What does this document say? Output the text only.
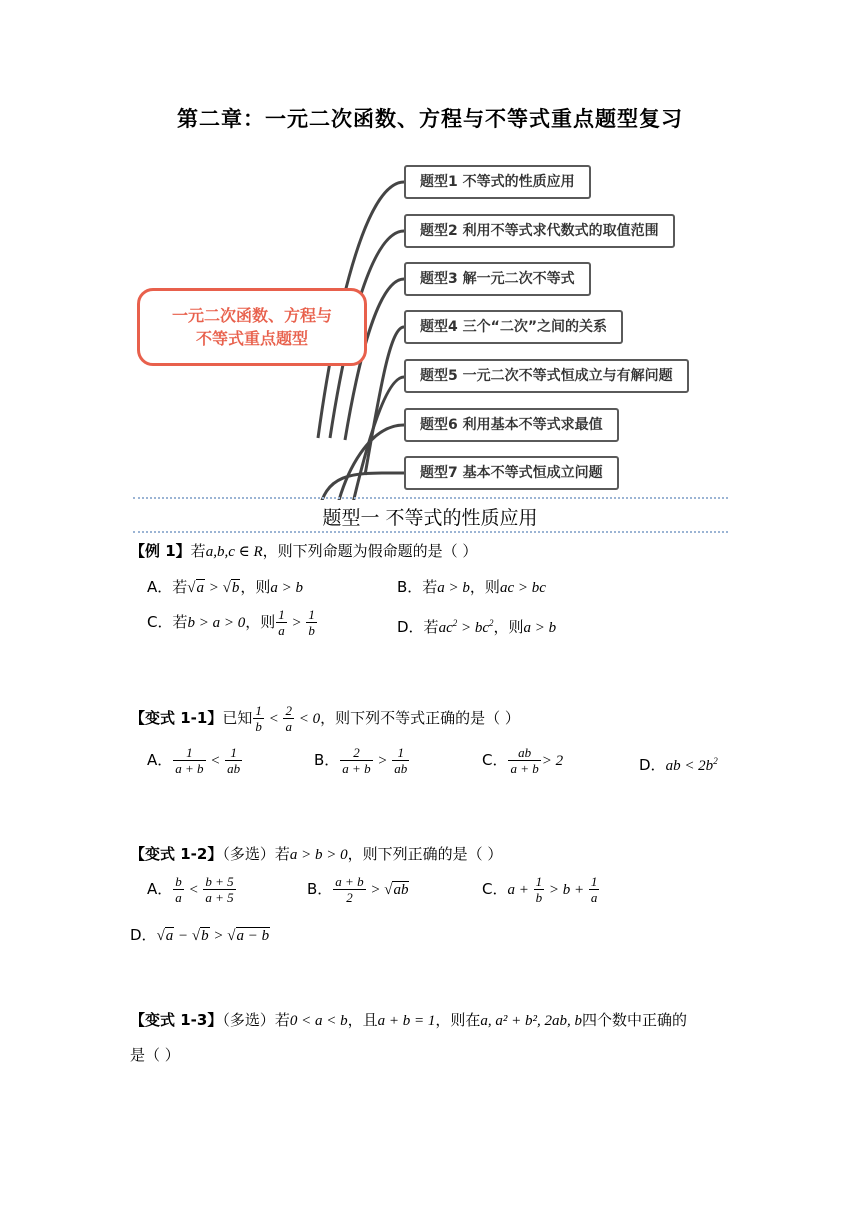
第二章：一元二次函数、方程与不等式重点题型复习
一元二次函数、方程与
不等式重点题型
题型1 不等式的性质应用
题型2 利用不等式求代数式的取值范围
题型3 解一元二次不等式
题型4 三个“二次”之间的关系
题型5 一元二次不等式恒成立与有解问题
题型6 利用基本不等式求最值
题型7 基本不等式恒成立问题
题型一 不等式的性质应用
【例 1】若a,b,c ∈ R，则下列命题为假命题的是（ ）
A．若√a > √b，则a > b	B．若a > b，则ac > bc
C．若b > a > 0，则 $\frac{1}{a} > \frac{1}{b}$	D．若$ac^2 > bc^2$，则a > b
【变式 1-1】已知 $\frac{1}{b} < \frac{2}{a} < 0$，则下列不等式正确的是（ ）
A． $\frac{1}{a + b} < \frac{1}{ab}$	B． $\frac{2}{a + b} > \frac{1}{ab}$	C． $\frac{ab}{a + b} > 2$	D．ab < $2b^2$
【变式 1-2】（多选）若a > b > 0，则下列正确的是（ ）
A． $\frac{b}{a} < \frac{b + 5}{a + 5}$	B． $\frac{a + b}{2} > √ab$	C．$a + \frac{1}{b} > b + \frac{1}{a}$
D．√a − √b > √a − b
【变式 1-3】（多选）若0 < a < b，且a + b = 1，则在a, a² + b², 2ab, b四个数中正确的
是（ ）
